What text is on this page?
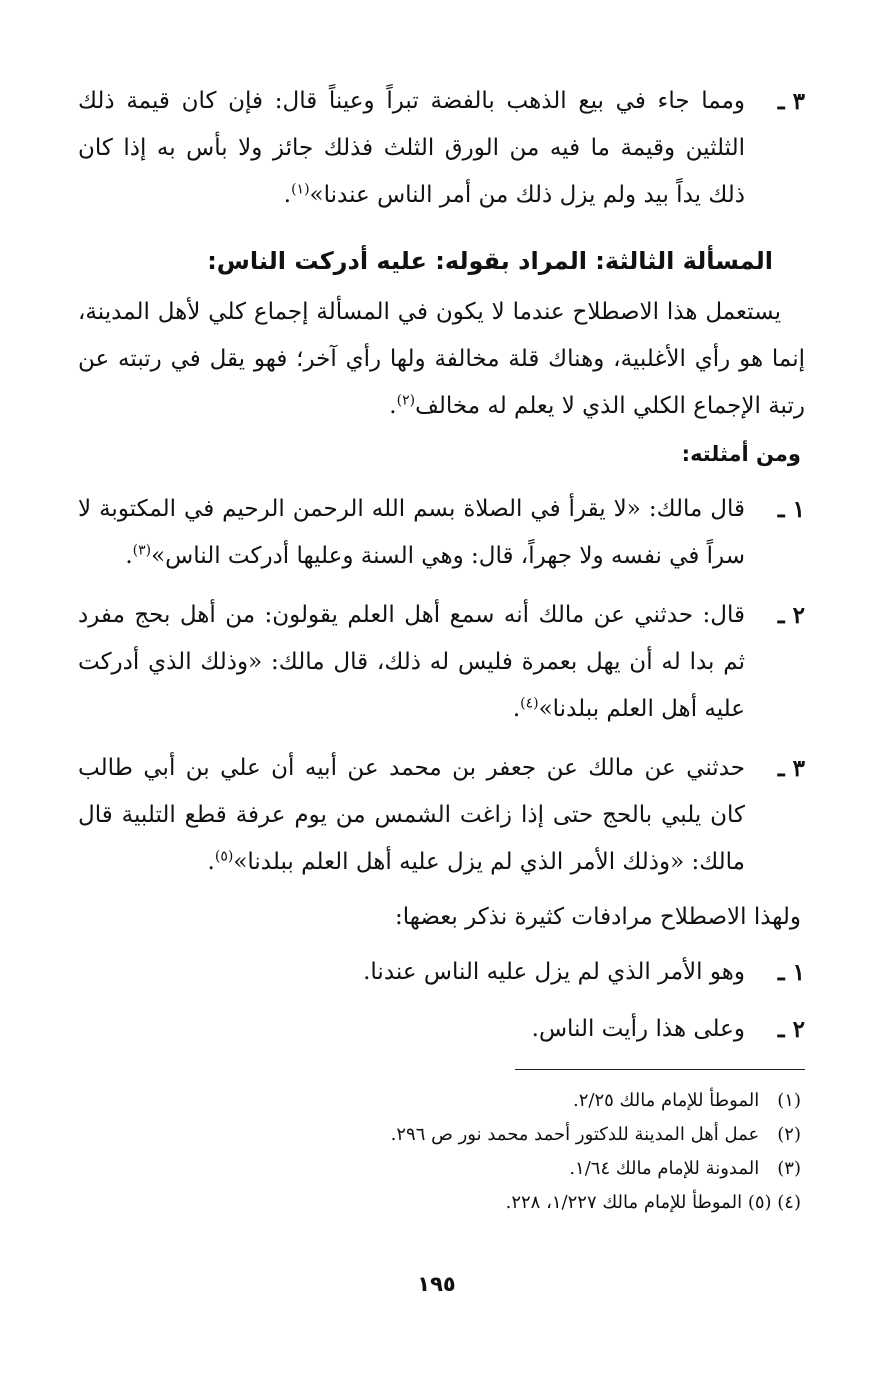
٣ ـ
ومما جاء في بيع الذهب بالفضة تبراً وعيناً قال: فإن كان قيمة ذلك الثلثين وقيمة ما فيه من الورق الثلث فذلك جائز ولا بأس به إذا كان ذلك يداً بيد ولم يزل ذلك من أمر الناس عندنا»$^{(١)}$.

المسألة الثالثة: المراد بقوله: عليه أدركت الناس:

يستعمل هذا الاصطلاح عندما لا يكون في المسألة إجماع كلي لأهل المدينة، إنما هو رأي الأغلبية، وهناك قلة مخالفة ولها رأي آخر؛ فهو يقل في رتبته عن رتبة الإجماع الكلي الذي لا يعلم له مخالف$^{(٢)}$.

ومن أمثلته:

١ ـ
قال مالك: «لا يقرأ في الصلاة بسم الله الرحمن الرحيم في المكتوبة لا سراً في نفسه ولا جهراً، قال: وهي السنة وعليها أدركت الناس»$^{(٣)}$.

٢ ـ
قال: حدثني عن مالك أنه سمع أهل العلم يقولون: من أهل بحج مفرد ثم بدا له أن يهل بعمرة فليس له ذلك، قال مالك: «وذلك الذي أدركت عليه أهل العلم ببلدنا»$^{(٤)}$.

٣ ـ
حدثني عن مالك عن جعفر بن محمد عن أبيه أن علي بن أبي طالب كان يلبي بالحج حتى إذا زاغت الشمس من يوم عرفة قطع التلبية قال مالك: «وذلك الأمر الذي لم يزل عليه أهل العلم ببلدنا»$^{(٥)}$.

ولهذا الاصطلاح مرادفات كثيرة نذكر بعضها:

١ ـ
وهو الأمر الذي لم يزل عليه الناس عندنا.

٢ ـ
وعلى هذا رأيت الناس.

(١) الموطأ للإمام مالك ٢/٢٥.

(٢) عمل أهل المدينة للدكتور أحمد محمد نور ص ٢٩٦.

(٣) المدونة للإمام مالك ١/٦٤.

(٤) (٥) الموطأ للإمام مالك ١/٢٢٧، ٢٢٨.

١٩٥
